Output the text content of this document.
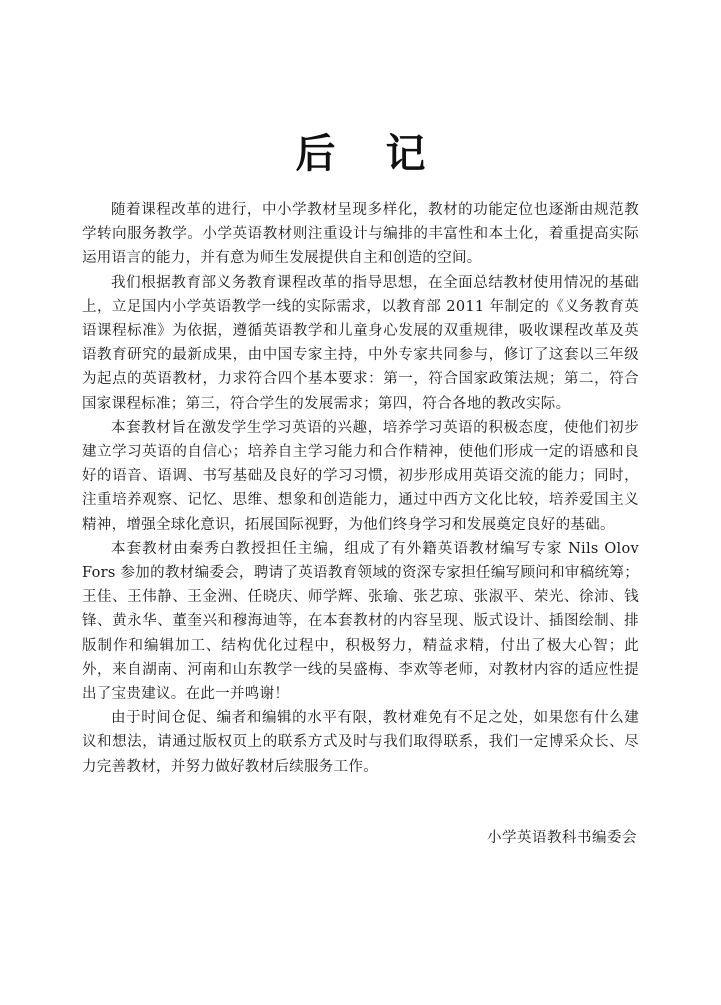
后记

随着课程改革的进行，中小学教材呈现多样化，教材的功能定位也逐渐由规范教学转向服务教学。小学英语教材则注重设计与编排的丰富性和本土化，着重提高实际运用语言的能力，并有意为师生发展提供自主和创造的空间。

我们根据教育部义务教育课程改革的指导思想，在全面总结教材使用情况的基础上，立足国内小学英语教学一线的实际需求，以教育部 2011 年制定的《义务教育英语课程标准》为依据，遵循英语教学和儿童身心发展的双重规律，吸收课程改革及英语教育研究的最新成果，由中国专家主持，中外专家共同参与，修订了这套以三年级为起点的英语教材，力求符合四个基本要求：第一，符合国家政策法规；第二，符合国家课程标准；第三，符合学生的发展需求；第四，符合各地的教改实际。

本套教材旨在激发学生学习英语的兴趣，培养学习英语的积极态度，使他们初步建立学习英语的自信心；培养自主学习能力和合作精神，使他们形成一定的语感和良好的语音、语调、书写基础及良好的学习习惯，初步形成用英语交流的能力；同时，注重培养观察、记忆、思维、想象和创造能力，通过中西方文化比较，培养爱国主义精神，增强全球化意识，拓展国际视野，为他们终身学习和发展奠定良好的基础。

本套教材由秦秀白教授担任主编，组成了有外籍英语教材编写专家 Nils Olov Fors 参加的教材编委会，聘请了英语教育领域的资深专家担任编写顾问和审稿统筹；王佳、王伟静、王金洲、任晓庆、师学辉、张瑜、张艺琼、张淑平、荣光、徐沛、钱锋、黄永华、董奎兴和穆海迪等，在本套教材的内容呈现、版式设计、插图绘制、排版制作和编辑加工、结构优化过程中，积极努力，精益求精，付出了极大心智；此外，来自湖南、河南和山东教学一线的吴盛梅、李欢等老师，对教材内容的适应性提出了宝贵建议。在此一并鸣谢！

由于时间仓促、编者和编辑的水平有限，教材难免有不足之处，如果您有什么建议和想法，请通过版权页上的联系方式及时与我们取得联系，我们一定博采众长、尽力完善教材，并努力做好教材后续服务工作。

小学英语教科书编委会
